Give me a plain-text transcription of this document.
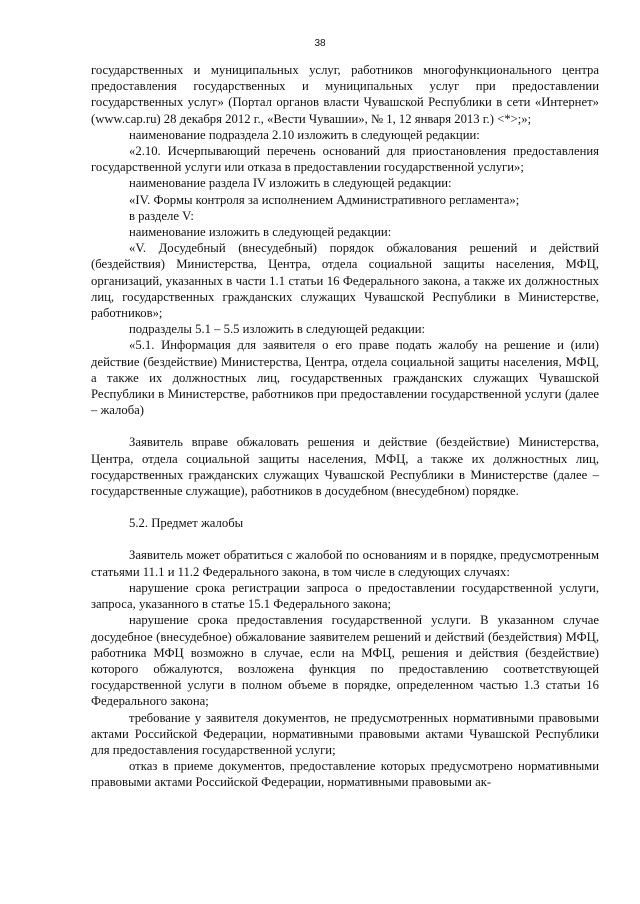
38

государственных и муниципальных услуг, работников многофункционального центра предоставления государственных и муниципальных услуг при предоставлении государственных услуг» (Портал органов власти Чувашской Республики в сети «Интернет» (www.cap.ru) 28 декабря 2012 г., «Вести Чувашии», № 1, 12 января 2013 г.) <*>;»;

наименование подраздела 2.10 изложить в следующей редакции:

«2.10. Исчерпывающий перечень оснований для приостановления предоставления государственной услуги или отказа в предоставлении государственной услуги»;

наименование раздела IV изложить в следующей редакции:

«IV. Формы контроля за исполнением Административного регламента»;

в разделе V:

наименование изложить в следующей редакции:

«V. Досудебный (внесудебный) порядок обжалования решений и действий (бездействия) Министерства, Центра, отдела социальной защиты населения, МФЦ, организаций, указанных в части 1.1 статьи 16 Федерального закона, а также их должностных лиц, государственных гражданских служащих Чувашской Республики в Министерстве, работников»;

подразделы 5.1 – 5.5 изложить в следующей редакции:

«5.1. Информация для заявителя о его праве подать жалобу на решение и (или) действие (бездействие) Министерства, Центра, отдела социальной защиты населения, МФЦ, а также их должностных лиц, государственных гражданских служащих Чувашской Республики в Министерстве, работников при предоставлении государственной услуги (далее – жалоба)

Заявитель вправе обжаловать решения и действие (бездействие) Министерства, Центра, отдела социальной защиты населения, МФЦ, а также их должностных лиц, государственных гражданских служащих Чувашской Республики в Министерстве (далее – государственные служащие), работников в досудебном (внесудебном) порядке.

5.2. Предмет жалобы

Заявитель может обратиться с жалобой по основаниям и в порядке, предусмотренным статьями 11.1 и 11.2 Федерального закона, в том числе в следующих случаях:

нарушение срока регистрации запроса о предоставлении государственной услуги, запроса, указанного в статье 15.1 Федерального закона;

нарушение срока предоставления государственной услуги. В указанном случае досудебное (внесудебное) обжалование заявителем решений и действий (бездействия) МФЦ, работника МФЦ возможно в случае, если на МФЦ, решения и действия (бездействие) которого обжалуются, возложена функция по предоставлению соответствующей государственной услуги в полном объеме в порядке, определенном частью 1.3 статьи 16 Федерального закона;

требование у заявителя документов, не предусмотренных нормативными правовыми актами Российской Федерации, нормативными правовыми актами Чувашской Республики для предоставления государственной услуги;

отказ в приеме документов, предоставление которых предусмотрено нормативными правовыми актами Российской Федерации, нормативными правовыми ак-
